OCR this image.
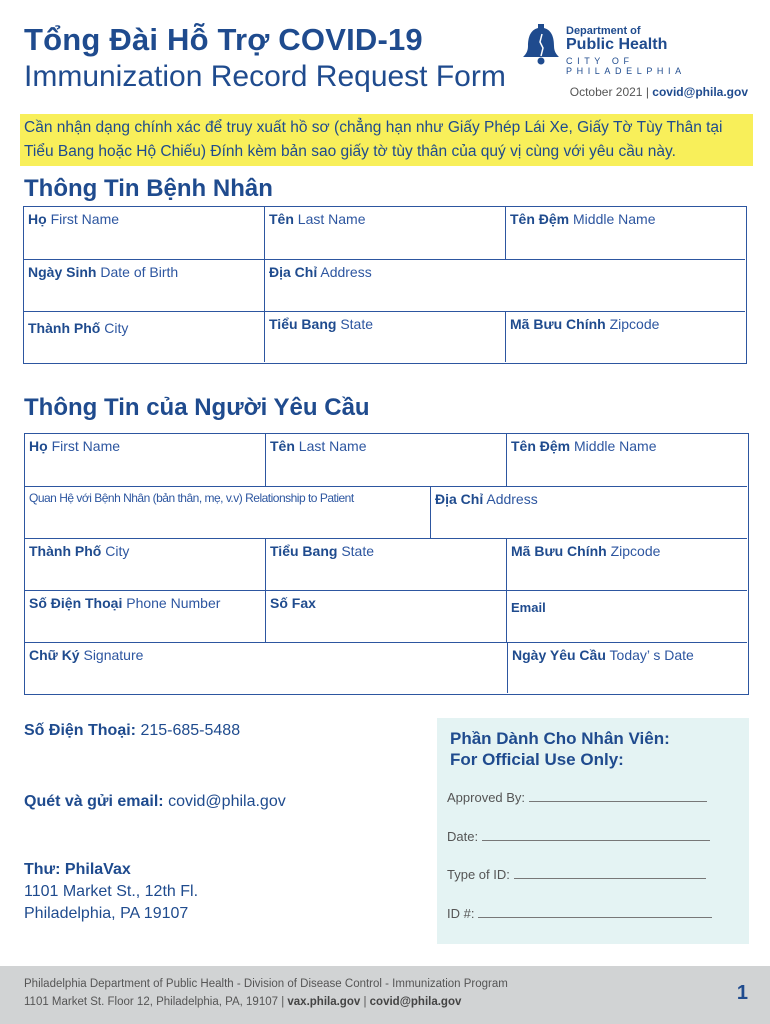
Tổng Đài Hỗ Trợ COVID-19
Immunization Record Request Form
Department of
Public Health
CITY OF PHILADELPHIA
October 2021 | covid@phila.gov
Cần nhận dạng chính xác để truy xuất hồ sơ (chẳng hạn như Giấy Phép Lái Xe, Giấy Tờ Tùy Thân tại Tiểu Bang hoặc Hộ Chiếu) Đính kèm bản sao giấy tờ tùy thân của quý vị cùng với yêu cầu này.
Thông Tin Bệnh Nhân
Họ First Name	Tên Last Name	Tên Đệm Middle Name
Ngày Sinh Date of Birth	Địa Chỉ Address
Thành Phố City	Tiểu Bang State	Mã Bưu Chính Zipcode
Thông Tin của Người Yêu Cầu
Họ First Name	Tên Last Name	Tên Đệm Middle Name
Quan Hệ với Bệnh Nhân (bản thân, mẹ, v.v) Relationship to Patient	Địa Chỉ Address
Thành Phố City	Tiểu Bang State	Mã Bưu Chính Zipcode
Số Điện Thoại Phone Number	Số Fax	Email
Chữ Ký Signature	Ngày Yêu Cầu Today’ s Date
Số Điện Thoại: 215-685-5488
Quét và gửi email: covid@phila.gov
Thư: PhilaVax
1101 Market St., 12th Fl.
Philadelphia, PA 19107
Phần Dành Cho Nhân Viên:
For Official Use Only:
Approved By:
Date:
Type of ID:
ID #:
Philadelphia Department of Public Health - Division of Disease Control - Immunization Program
1101 Market St. Floor 12, Philadelphia, PA, 19107 | vax.phila.gov | covid@phila.gov	1
